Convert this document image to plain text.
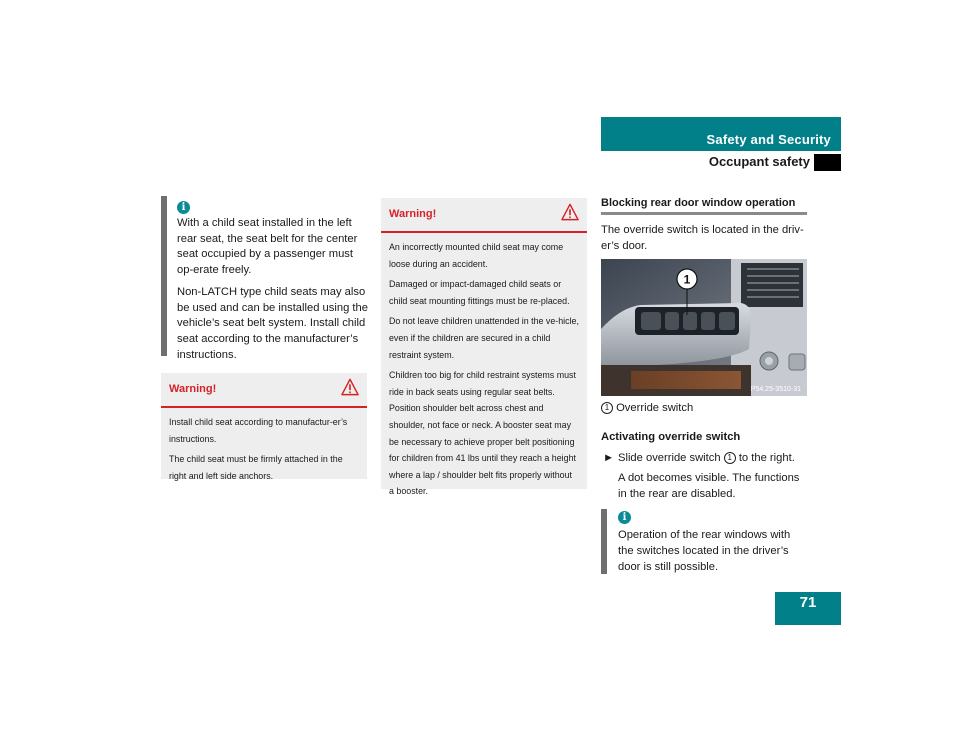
Safety and Security
Occupant safety
i

With a child seat installed in the left rear seat, the seat belt for the center seat occupied by a passenger must op-erate freely.

Non-LATCH type child seats may also be used and can be installed using the vehicle’s seat belt system. Install child seat according to the manufacturer’s instructions.

Warning!

Install child seat according to manufactur-er’s instructions.

The child seat must be firmly attached in the right and left side anchors.

Warning!

An incorrectly mounted child seat may come loose during an accident.

Damaged or impact-damaged child seats or child seat mounting fittings must be re-placed.

Do not leave children unattended in the ve-hicle, even if the children are secured in a child restraint system.

Children too big for child restraint systems must ride in back seats using regular seat belts. Position shoulder belt across chest and shoulder, not face or neck. A booster seat may be necessary to achieve proper belt positioning for children from 41 lbs until they reach a height where a lap / shoulder belt fits properly without a booster.

Blocking rear door window operation
The override switch is located in the driv-er’s door.
1
P54.25-3510-31
1 Override switch
Activating override switch
► Slide override switch 1 to the right.
A dot becomes visible. The functions in the rear are disabled.
i
Operation of the rear windows with the switches located in the driver’s door is still possible.
71
